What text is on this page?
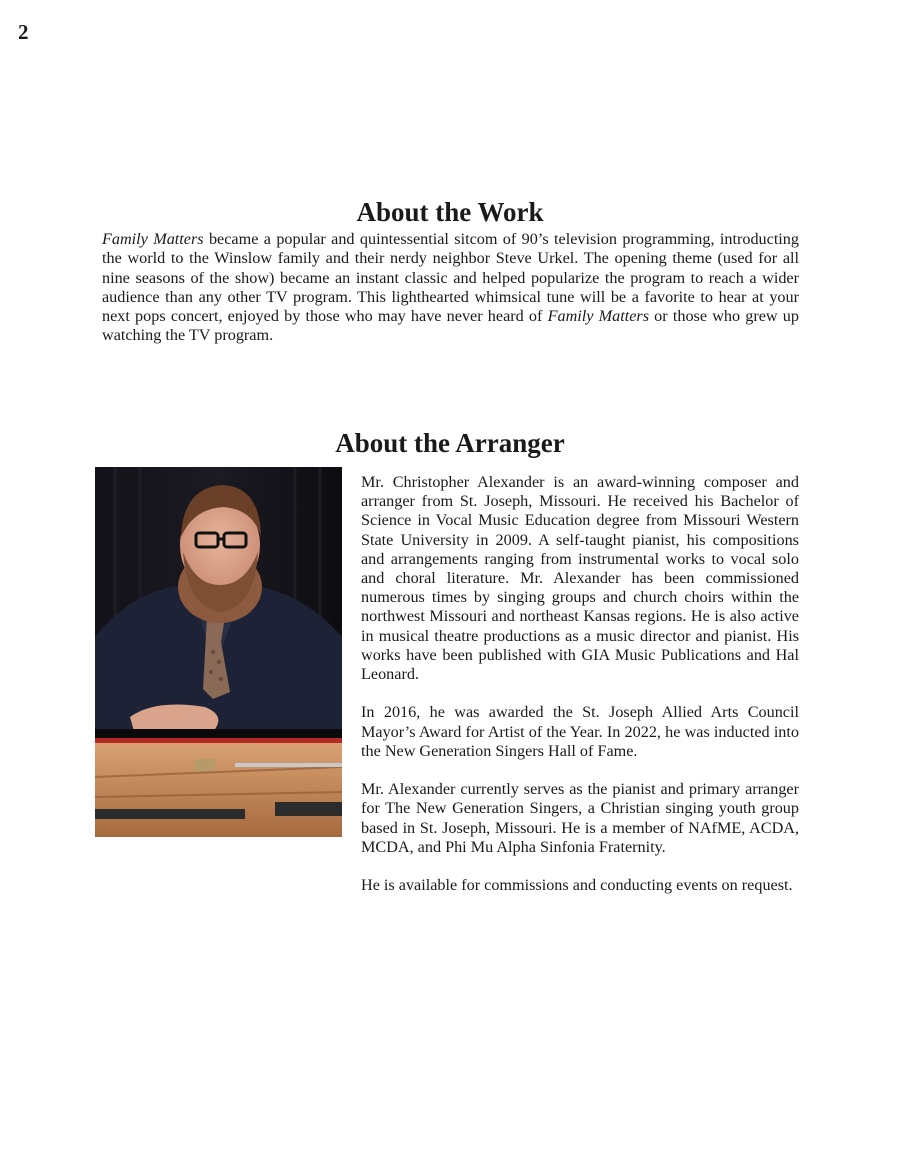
2
About the Work

Family Matters became a popular and quintessential sitcom of 90’s television programming, introducting the world to the Winslow family and their nerdy neighbor Steve Urkel. The opening theme (used for all nine seasons of the show) became an instant classic and helped popularize the program to reach a wider audience than any other TV program. This lighthearted whimsical tune will be a favorite to hear at your next pops concert, enjoyed by those who may have never heard of Family Matters or those who grew up watching the TV program.

About the Arranger

Mr. Christopher Alexander is an award-winning composer and arranger from St. Joseph, Missouri. He received his Bachelor of Science in Vocal Music Education degree from Missouri Western State University in 2009. A self-taught pianist, his compositions and arrangements ranging from instrumental works to vocal solo and choral literature. Mr. Alexander has been commissioned numerous times by singing groups and church choirs within the northwest Missouri and northeast Kansas regions. He is also active in musical theatre productions as a music director and pianist. His works have been published with GIA Music Publications and Hal Leonard.

In 2016, he was awarded the St. Joseph Allied Arts Council Mayor’s Award for Artist of the Year. In 2022, he was inducted into the New Generation Singers Hall of Fame.

Mr. Alexander currently serves as the pianist and primary arranger for The New Generation Singers, a Christian singing youth group based in St. Joseph, Missouri. He is a member of NAfME, ACDA, MCDA, and Phi Mu Alpha Sinfonia Fraternity.

He is available for commissions and conducting events on request.
